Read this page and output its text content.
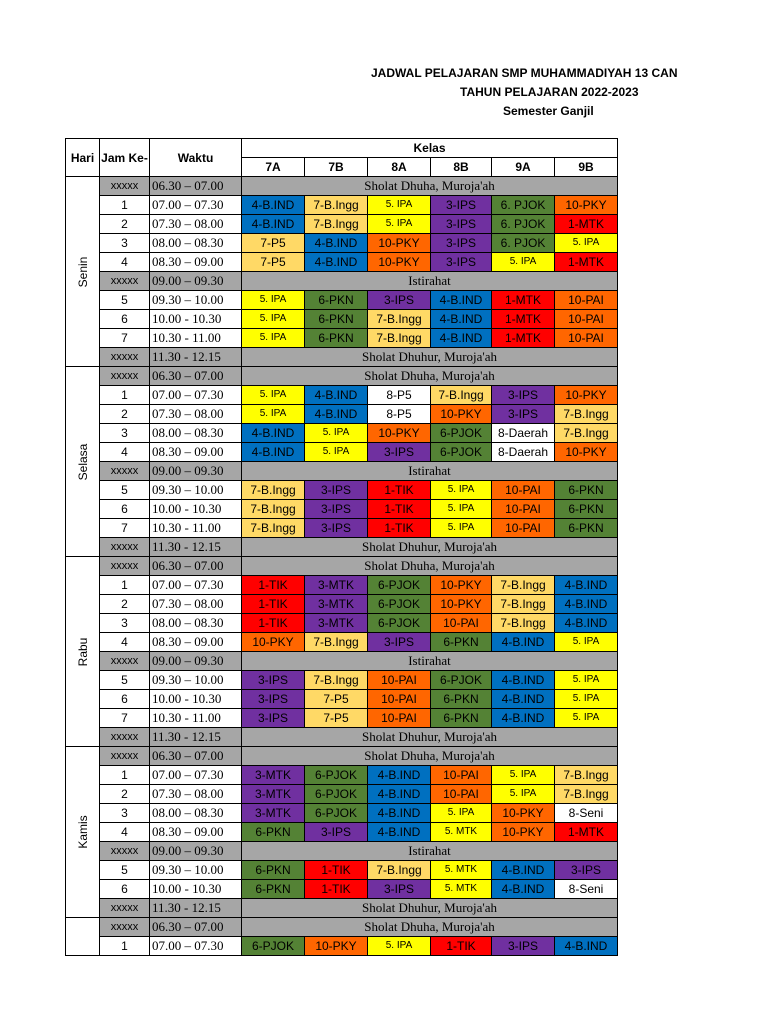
JADWAL PELAJARAN SMP MUHAMMADIYAH 13 CAN
TAHUN PELAJARAN 2022-2023
Semester Ganjil
Hari	Jam Ke-	Waktu	Kelas					
			7A	7B	8A	8B	9A	9B

Senin	xxxxx	06.30 – 07.00	Sholat Dhuha, Muroja'ah					
	1	07.00 – 07.30	4-B.IND	7-B.Ingg	5. IPA	3-IPS	6. PJOK	10-PKY
	2	07.30 – 08.00	4-B.IND	7-B.Ingg	5. IPA	3-IPS	6. PJOK	1-MTK
	3	08.00 – 08.30	7-P5	4-B.IND	10-PKY	3-IPS	6. PJOK	5. IPA
	4	08.30 – 09.00	7-P5	4-B.IND	10-PKY	3-IPS	5. IPA	1-MTK
	xxxxx	09.00 – 09.30	Istirahat					
	5	09.30 – 10.00	5. IPA	6-PKN	3-IPS	4-B.IND	1-MTK	10-PAI
	6	10.00 - 10.30	5. IPA	6-PKN	7-B.Ingg	4-B.IND	1-MTK	10-PAI
	7	10.30 - 11.00	5. IPA	6-PKN	7-B.Ingg	4-B.IND	1-MTK	10-PAI
	xxxxx	11.30 - 12.15	Sholat Dhuhur, Muroja'ah					

Selasa	xxxxx	06.30 – 07.00	Sholat Dhuha, Muroja'ah					
	1	07.00 – 07.30	5. IPA	4-B.IND	8-P5	7-B.Ingg	3-IPS	10-PKY
	2	07.30 – 08.00	5. IPA	4-B.IND	8-P5	10-PKY	3-IPS	7-B.Ingg
	3	08.00 – 08.30	4-B.IND	5. IPA	10-PKY	6-PJOK	8-Daerah	7-B.Ingg
	4	08.30 – 09.00	4-B.IND	5. IPA	3-IPS	6-PJOK	8-Daerah	10-PKY
	xxxxx	09.00 – 09.30	Istirahat					
	5	09.30 – 10.00	7-B.Ingg	3-IPS	1-TIK	5. IPA	10-PAI	6-PKN
	6	10.00 - 10.30	7-B.Ingg	3-IPS	1-TIK	5. IPA	10-PAI	6-PKN
	7	10.30 - 11.00	7-B.Ingg	3-IPS	1-TIK	5. IPA	10-PAI	6-PKN
	xxxxx	11.30 - 12.15	Sholat Dhuhur, Muroja'ah					

Rabu	xxxxx	06.30 – 07.00	Sholat Dhuha, Muroja'ah					
	1	07.00 – 07.30	1-TIK	3-MTK	6-PJOK	10-PKY	7-B.Ingg	4-B.IND
	2	07.30 – 08.00	1-TIK	3-MTK	6-PJOK	10-PKY	7-B.Ingg	4-B.IND
	3	08.00 – 08.30	1-TIK	3-MTK	6-PJOK	10-PAI	7-B.Ingg	4-B.IND
	4	08.30 – 09.00	10-PKY	7-B.Ingg	3-IPS	6-PKN	4-B.IND	5. IPA
	xxxxx	09.00 – 09.30	Istirahat					
	5	09.30 – 10.00	3-IPS	7-B.Ingg	10-PAI	6-PJOK	4-B.IND	5. IPA
	6	10.00 - 10.30	3-IPS	7-P5	10-PAI	6-PKN	4-B.IND	5. IPA
	7	10.30 - 11.00	3-IPS	7-P5	10-PAI	6-PKN	4-B.IND	5. IPA
	xxxxx	11.30 - 12.15	Sholat Dhuhur, Muroja'ah					

Kamis	xxxxx	06.30 – 07.00	Sholat Dhuha, Muroja'ah					
	1	07.00 – 07.30	3-MTK	6-PJOK	4-B.IND	10-PAI	5. IPA	7-B.Ingg
	2	07.30 – 08.00	3-MTK	6-PJOK	4-B.IND	10-PAI	5. IPA	7-B.Ingg
	3	08.00 – 08.30	3-MTK	6-PJOK	4-B.IND	5. IPA	10-PKY	8-Seni
	4	08.30 – 09.00	6-PKN	3-IPS	4-B.IND	5. MTK	10-PKY	1-MTK
	xxxxx	09.00 – 09.30	Istirahat					
	5	09.30 – 10.00	6-PKN	1-TIK	7-B.Ingg	5. MTK	4-B.IND	3-IPS
	6	10.00 - 10.30	6-PKN	1-TIK	3-IPS	5. MTK	4-B.IND	8-Seni
	xxxxx	11.30 - 12.15	Sholat Dhuhur, Muroja'ah					

	xxxxx	06.30 – 07.00	Sholat Dhuha, Muroja'ah					
	1	07.00 – 07.30	6-PJOK	10-PKY	5. IPA	1-TIK	3-IPS	4-B.IND
